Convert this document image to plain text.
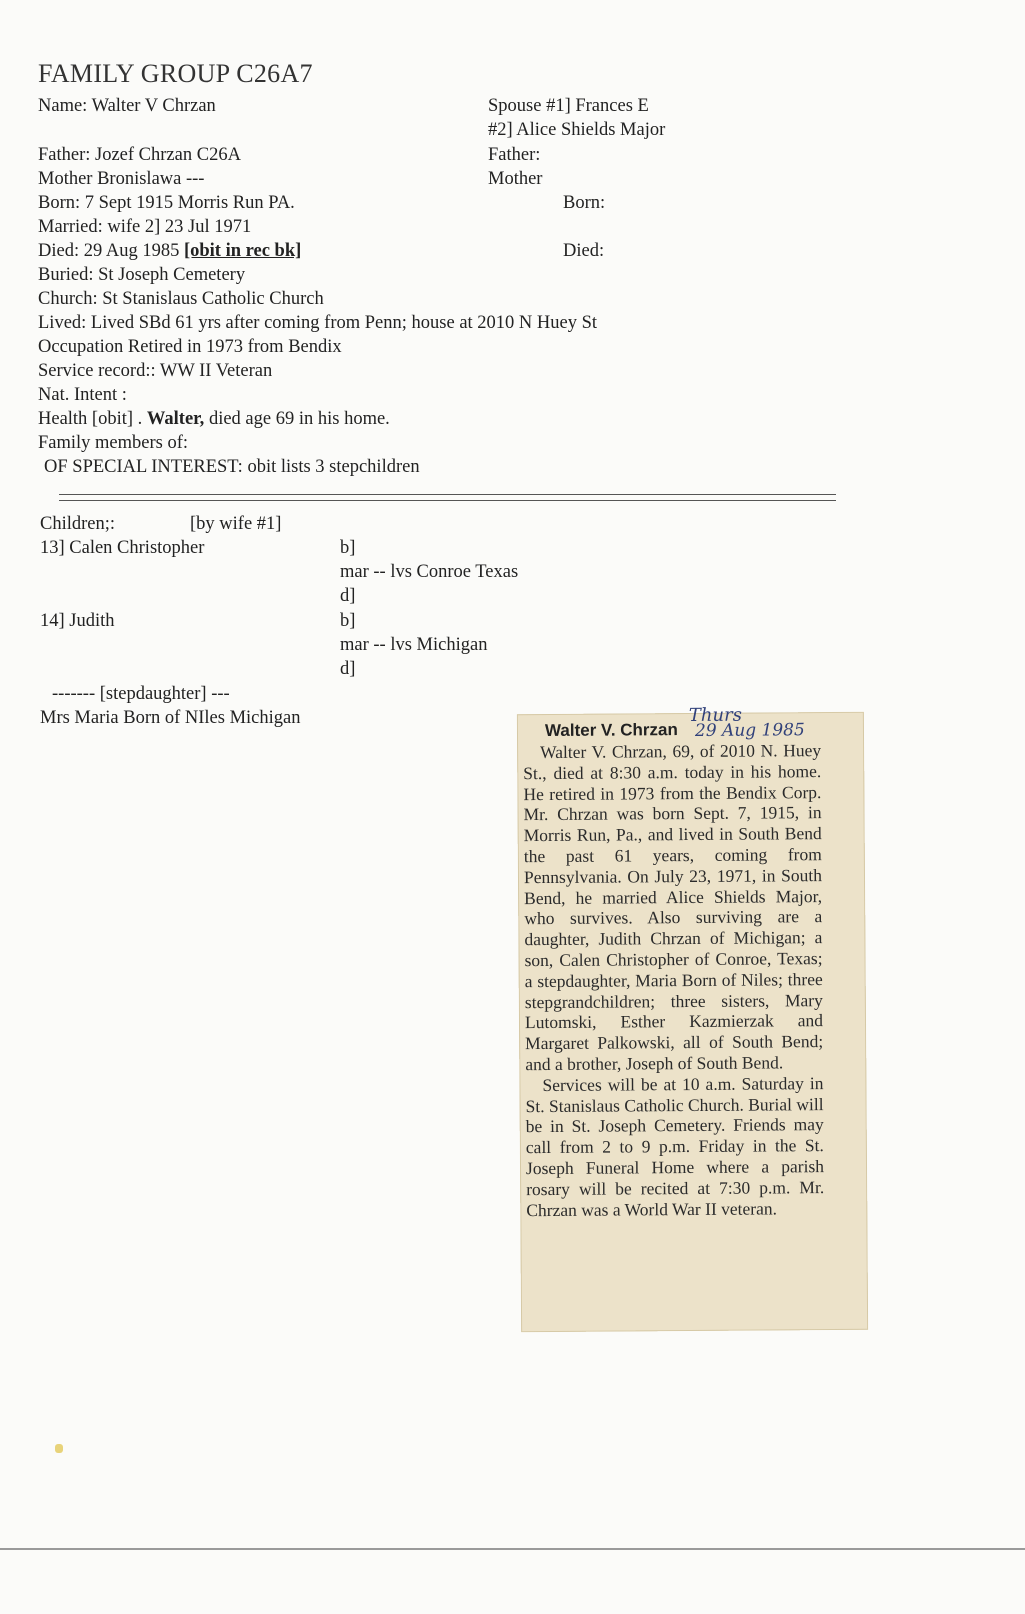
FAMILY GROUP C26A7
Name: Walter V Chrzan
Father: Jozef Chrzan C26A
Mother Bronislawa ---
Born: 7 Sept 1915 Morris Run PA.
Married: wife 2] 23 Jul 1971
Died: 29 Aug 1985 [obit in rec bk]
Buried: St Joseph Cemetery
Church: St Stanislaus Catholic Church
Lived: Lived SBd 61 yrs after coming from Penn; house at 2010 N Huey St
Occupation Retired in 1973 from Bendix
Service record:: WW II Veteran
Nat. Intent :
Health [obit] . Walter, died age 69 in his home.
Family members of:
OF SPECIAL INTEREST: obit lists 3 stepchildren
Spouse #1] Frances E
#2] Alice Shields Major
Father:
Mother
Born:
Died:
Children;:	[by wife #1]
13] Calen Christopher	b]
mar -- lvs Conroe Texas
d]
14] Judith	b]
mar -- lvs Michigan
d]
------- [stepdaughter] ---
Mrs Maria Born of NIles Michigan
Walter V. Chrzan
Thurs
29 Aug 1985

Walter V. Chrzan, 69, of 2010 N. Huey St., died at 8:30 a.m. today in his home. He retired in 1973 from the Bendix Corp. Mr. Chrzan was born Sept. 7, 1915, in Morris Run, Pa., and lived in South Bend the past 61 years, coming from Pennsylvania. On July 23, 1971, in South Bend, he married Alice Shields Major, who survives. Also surviving are a daughter, Judith Chrzan of Michigan; a son, Calen Christopher of Conroe, Texas; a stepdaughter, Maria Born of Niles; three stepgrandchildren; three sisters, Mary Lutomski, Esther Kazmierzak and Margaret Palkowski, all of South Bend; and a brother, Joseph of South Bend.

Services will be at 10 a.m. Saturday in St. Stanislaus Catholic Church. Burial will be in St. Joseph Cemetery. Friends may call from 2 to 9 p.m. Friday in the St. Joseph Funeral Home where a parish rosary will be recited at 7:30 p.m. Mr. Chrzan was a World War II veteran.
